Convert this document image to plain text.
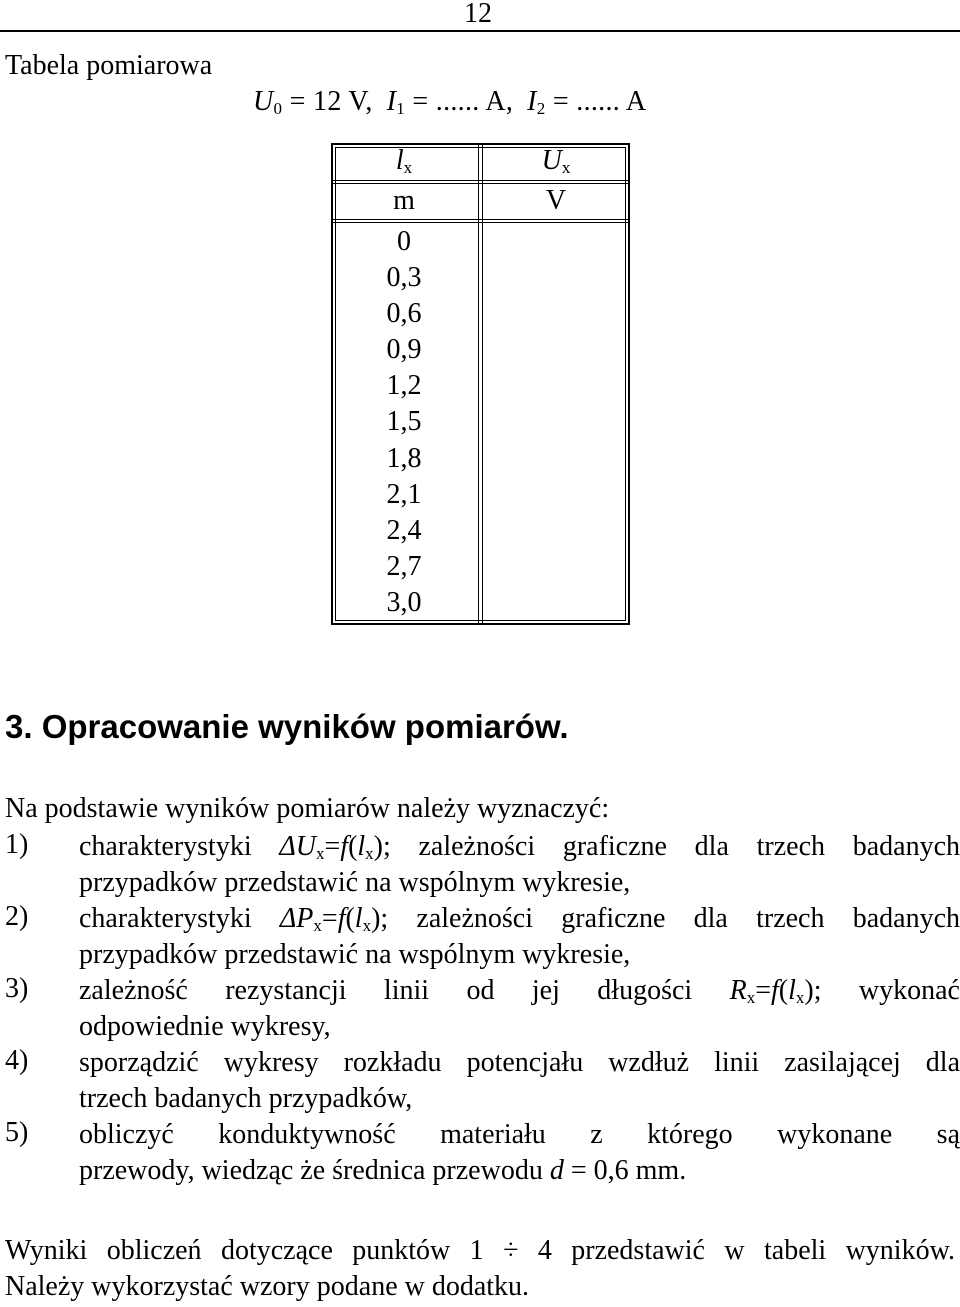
12
Tabela pomiarowa
$U_0 = 12$ V, $I_1$ = ...... A, $I_2$ = ...... A
$l_x$	$U_x$
m	V
0
0,3
0,6
0,9
1,2
1,5
1,8
2,1
2,4
2,7
3,0
3. Opracowanie wyników pomiarów.
Na podstawie wyników pomiarów należy wyznaczyć:
1)	charakterystyki $\Delta U_x=f(l_x)$; zależności graficzne dla trzech badanych
przypadków przedstawić na wspólnym wykresie,
2)	charakterystyki $\Delta P_x=f(l_x)$; zależności graficzne dla trzech badanych
przypadków przedstawić na wspólnym wykresie,
3)	zależność rezystancji linii od jej długości $R_x=f(l_x)$; wykonać
odpowiednie wykresy,
4)	sporządzić wykresy rozkładu potencjału wzdłuż linii zasilającej dla
trzech badanych przypadków,
5)	obliczyć konduktywność materiału z którego wykonane są
przewody, wiedząc że średnica przewodu d = 0,6 mm.
Wyniki obliczeń dotyczące punktów 1 ÷ 4 przedstawić w tabeli wyników.
Należy wykorzystać wzory podane w dodatku.
